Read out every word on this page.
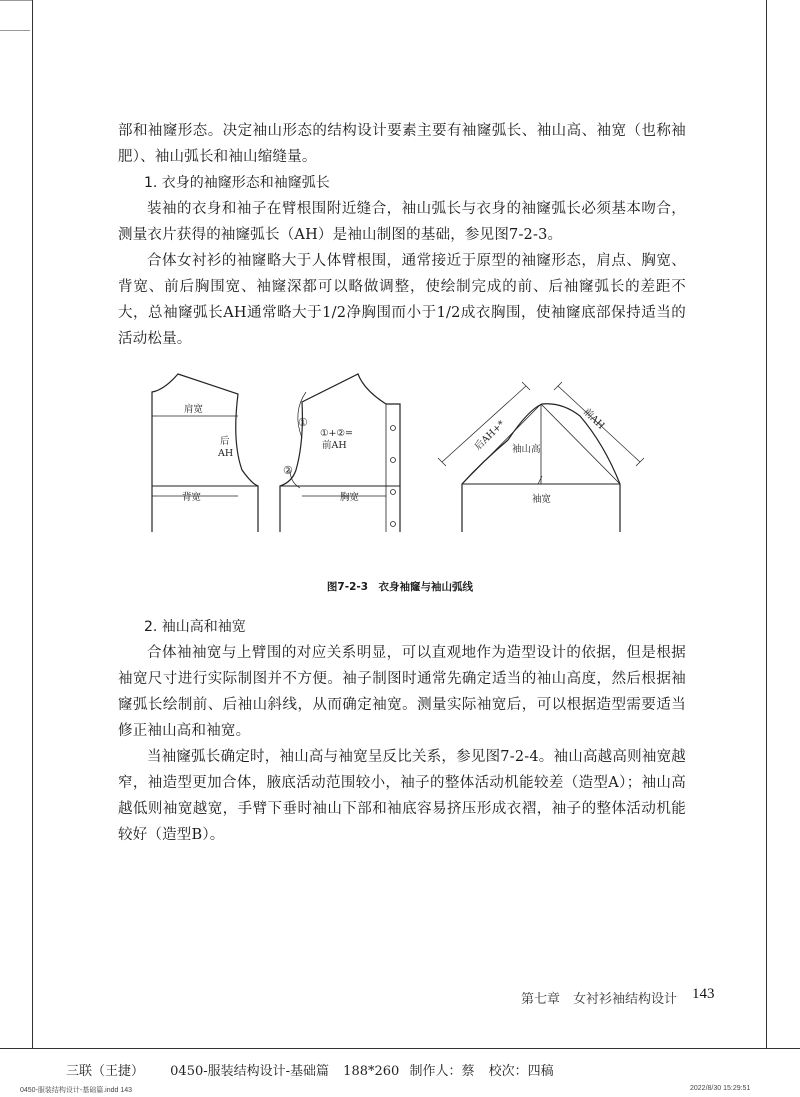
部和袖窿形态。决定袖山形态的结构设计要素主要有袖窿弧长、袖山高、袖宽（也称袖肥）、袖山弧长和袖山缩缝量。

1. 衣身的袖窿形态和袖窿弧长

装袖的衣身和袖子在臂根围附近缝合，袖山弧长与衣身的袖窿弧长必须基本吻合，测量衣片获得的袖窿弧长（AH）是袖山制图的基础，参见图7-2-3。

合体女衬衫的袖窿略大于人体臂根围，通常接近于原型的袖窿形态，肩点、胸宽、背宽、前后胸围宽、袖窿深都可以略做调整，使绘制完成的前、后袖窿弧长的差距不大，总袖窿弧长AH通常略大于1/2净胸围而小于1/2成衣胸围，使袖窿底部保持适当的活动松量。

肩宽
后
AH
背宽
①
②
①+②=
前AH
胸宽
袖山高
袖宽
后AH+*	前AH
图7-2-3　衣身袖窿与袖山弧线
2. 袖山高和袖宽

合体袖袖宽与上臂围的对应关系明显，可以直观地作为造型设计的依据，但是根据袖宽尺寸进行实际制图并不方便。袖子制图时通常先确定适当的袖山高度，然后根据袖窿弧长绘制前、后袖山斜线，从而确定袖宽。测量实际袖宽后，可以根据造型需要适当修正袖山高和袖宽。

当袖窿弧长确定时，袖山高与袖宽呈反比关系，参见图7-2-4。袖山高越高则袖宽越窄，袖造型更加合体，腋底活动范围较小，袖子的整体活动机能较差（造型A）；袖山高越低则袖宽越宽，手臂下垂时袖山下部和袖底容易挤压形成衣褶，袖子的整体活动机能较好（造型B）。

第七章　女衬衫袖结构设计 143
三联（王捷） 0450-服装结构设计-基础篇 188*260 制作人：蔡 校次：四稿
0450-服装结构设计-基础篇.indd 143	2022/8/30 15:29:51
